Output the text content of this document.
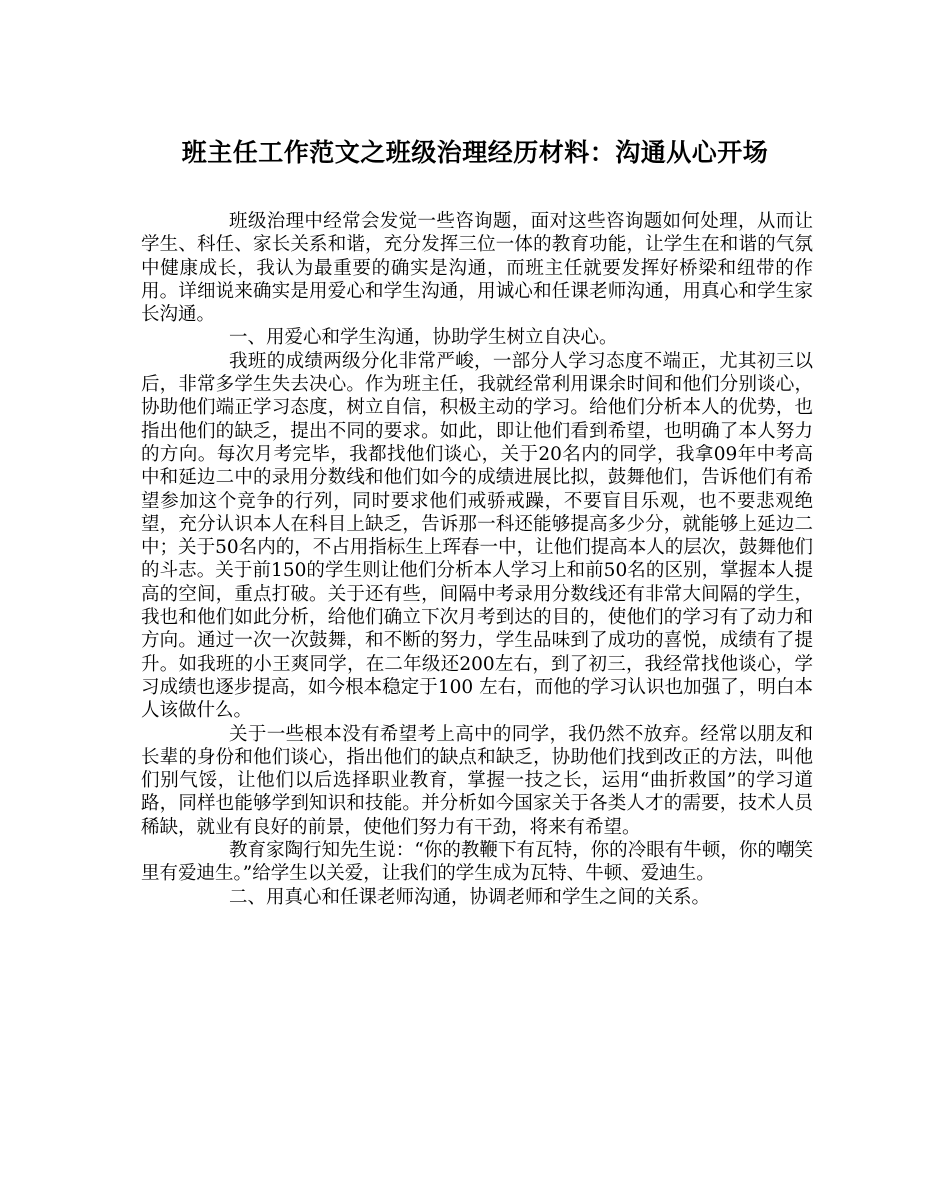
班主任工作范文之班级治理经历材料：沟通从心开场

班级治理中经常会发觉一些咨询题，面对这些咨询题如何处理，从而让学生、科任、家长关系和谐，充分发挥三位一体的教育功能，让学生在和谐的气氛中健康成长，我认为最重要的确实是沟通，而班主任就要发挥好桥梁和纽带的作用。详细说来确实是用爱心和学生沟通，用诚心和任课老师沟通，用真心和学生家长沟通。

一、用爱心和学生沟通，协助学生树立自决心。

我班的成绩两级分化非常严峻，一部分人学习态度不端正，尤其初三以后，非常多学生失去决心。作为班主任，我就经常利用课余时间和他们分别谈心，协助他们端正学习态度，树立自信，积极主动的学习。给他们分析本人的优势，也指出他们的缺乏，提出不同的要求。如此，即让他们看到希望，也明确了本人努力的方向。每次月考完毕，我都找他们谈心，关于20名内的同学，我拿09年中考高中和延边二中的录用分数线和他们如今的成绩进展比拟，鼓舞他们，告诉他们有希望参加这个竞争的行列，同时要求他们戒骄戒躁，不要盲目乐观，也不要悲观绝望，充分认识本人在科目上缺乏，告诉那一科还能够提高多少分，就能够上延边二中；关于50名内的，不占用指标生上珲春一中，让他们提高本人的层次，鼓舞他们的斗志。关于前150的学生则让他们分析本人学习上和前50名的区别，掌握本人提高的空间，重点打破。关于还有些，间隔中考录用分数线还有非常大间隔的学生，我也和他们如此分析，给他们确立下次月考到达的目的，使他们的学习有了动力和方向。通过一次一次鼓舞，和不断的努力，学生品味到了成功的喜悦，成绩有了提升。如我班的小王爽同学，在二年级还200左右，到了初三，我经常找他谈心，学习成绩也逐步提高，如今根本稳定于100 左右，而他的学习认识也加强了，明白本人该做什么。

关于一些根本没有希望考上高中的同学，我仍然不放弃。经常以朋友和长辈的身份和他们谈心，指出他们的缺点和缺乏，协助他们找到改正的方法，叫他们别气馁，让他们以后选择职业教育，掌握一技之长，运用“曲折救国”的学习道路，同样也能够学到知识和技能。并分析如今国家关于各类人才的需要，技术人员稀缺，就业有良好的前景，使他们努力有干劲，将来有希望。

教育家陶行知先生说：“你的教鞭下有瓦特，你的冷眼有牛顿，你的嘲笑里有爱迪生。”给学生以关爱，让我们的学生成为瓦特、牛顿、爱迪生。

二、用真心和任课老师沟通，协调老师和学生之间的关系。
